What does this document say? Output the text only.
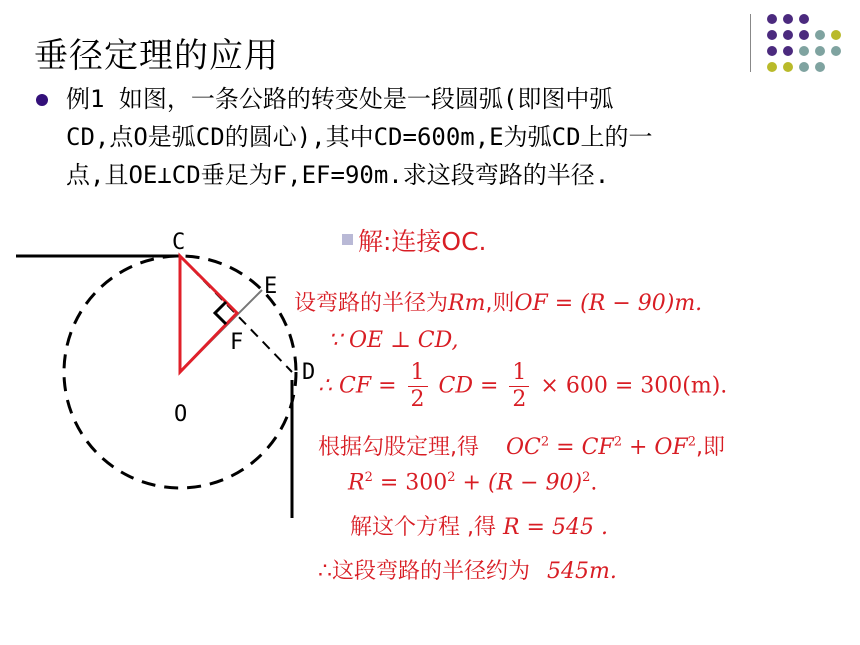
垂径定理的应用
例1 如图，一条公路的转变处是一段圆弧(即图中弧
CD,点O是弧CD的圆心),其中CD=600m,E为弧CD上的一
点,且OE⊥CD垂足为F,EF=90m.求这段弯路的半径.
C
E
F
D
O
解:连接OC.
设弯路的半径为Rm,则OF = (R − 90)m.
∵ OE ⊥ CD,
∴ CF = $\frac{1}{2}$ CD = $\frac{1}{2} \times 600 = 300(m)$.
根据勾股定理,得 $OC^2 = CF^2 + OF^2$,即
$R^2 = 300^2 + (R - 90)^2$.
解这个方程 ,得 R = 545 .
∴这段弯路的半径约为 545m.
